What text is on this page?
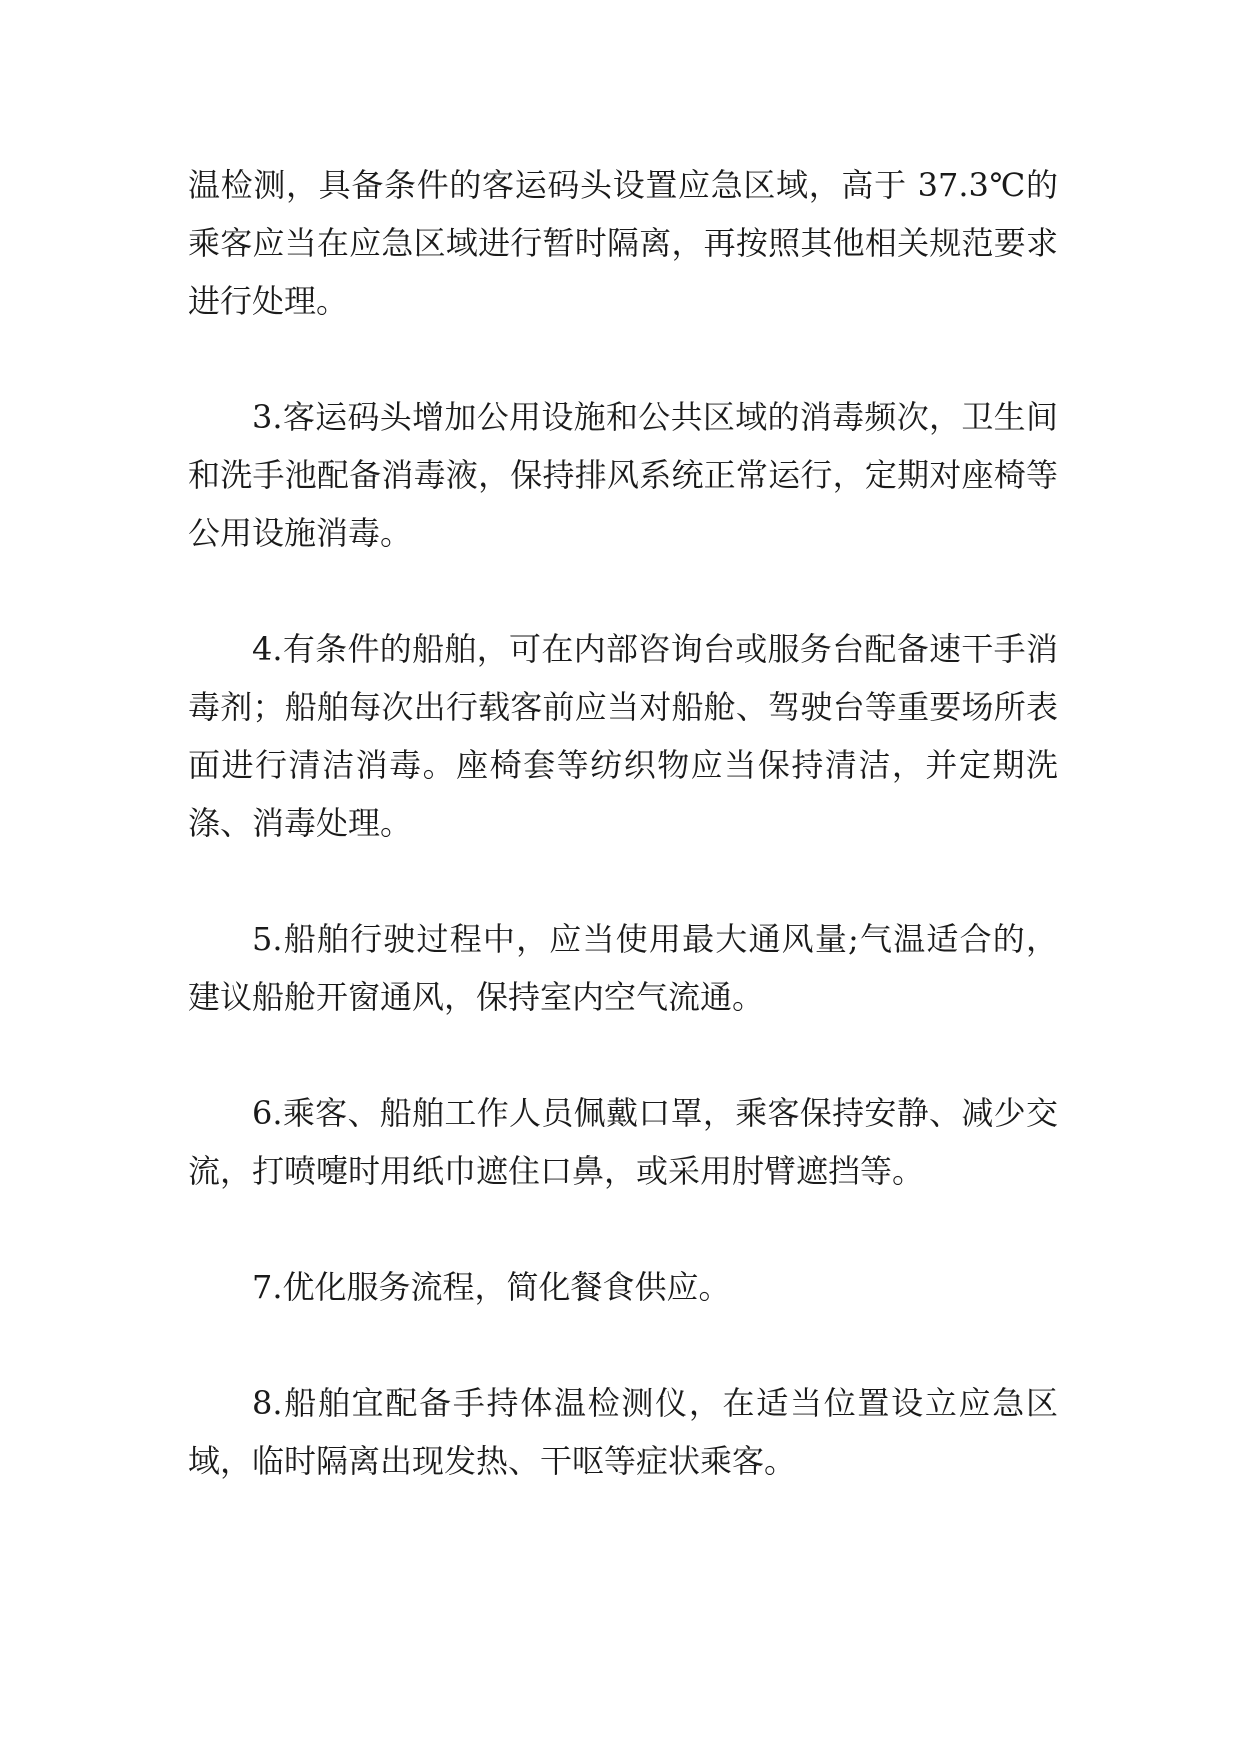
温检测，具备条件的客运码头设置应急区域，高于 37.3℃的乘客应当在应急区域进行暂时隔离，再按照其他相关规范要求进行处理。

3.客运码头增加公用设施和公共区域的消毒频次，卫生间和洗手池配备消毒液，保持排风系统正常运行，定期对座椅等公用设施消毒。

4.有条件的船舶，可在内部咨询台或服务台配备速干手消毒剂；船舶每次出行载客前应当对船舱、驾驶台等重要场所表面进行清洁消毒。座椅套等纺织物应当保持清洁，并定期洗涤、消毒处理。

5.船舶行驶过程中，应当使用最大通风量;气温适合的，建议船舱开窗通风，保持室内空气流通。

6.乘客、船舶工作人员佩戴口罩，乘客保持安静、减少交流，打喷嚏时用纸巾遮住口鼻，或采用肘臂遮挡等。

7.优化服务流程，简化餐食供应。

8.船舶宜配备手持体温检测仪，在适当位置设立应急区域，临时隔离出现发热、干呕等症状乘客。
